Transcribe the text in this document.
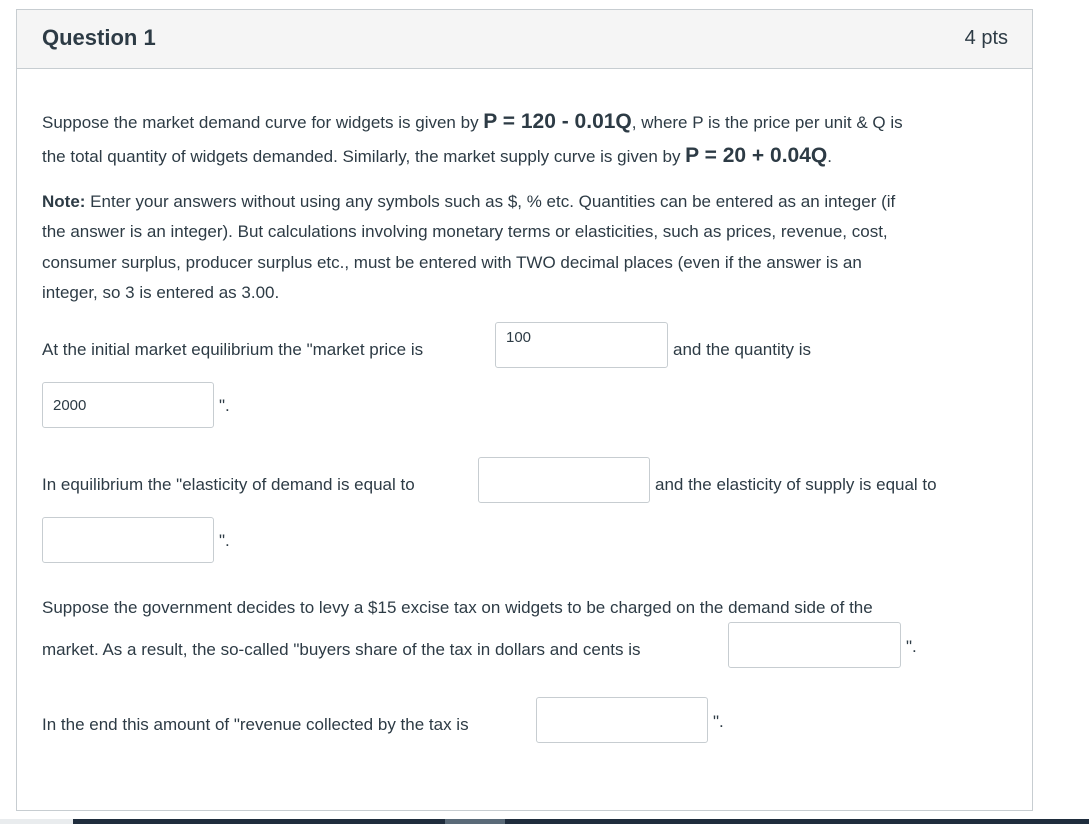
Question 1	4 pts
Suppose the market demand curve for widgets is given by P = 120 - 0.01Q, where P is the price per unit & Q is
the total quantity of widgets demanded. Similarly, the market supply curve is given by P = 20 + 0.04Q.
Note: Enter your answers without using any symbols such as $, % etc. Quantities can be entered as an integer (if
the answer is an integer). But calculations involving monetary terms or elasticities, such as prices, revenue, cost,
consumer surplus, producer surplus etc., must be entered with TWO decimal places (even if the answer is an
integer, so 3 is entered as 3.00.
At the initial market equilibrium the "market price is
100	and the quantity is
2000
".
In equilibrium the "elasticity of demand is equal to	and the elasticity of supply is equal to
".
Suppose the government decides to levy a $15 excise tax on widgets to be charged on the demand side of the
market. As a result, the so-called "buyers share of the tax in dollars and cents is	".
In the end this amount of "revenue collected by the tax is	".
